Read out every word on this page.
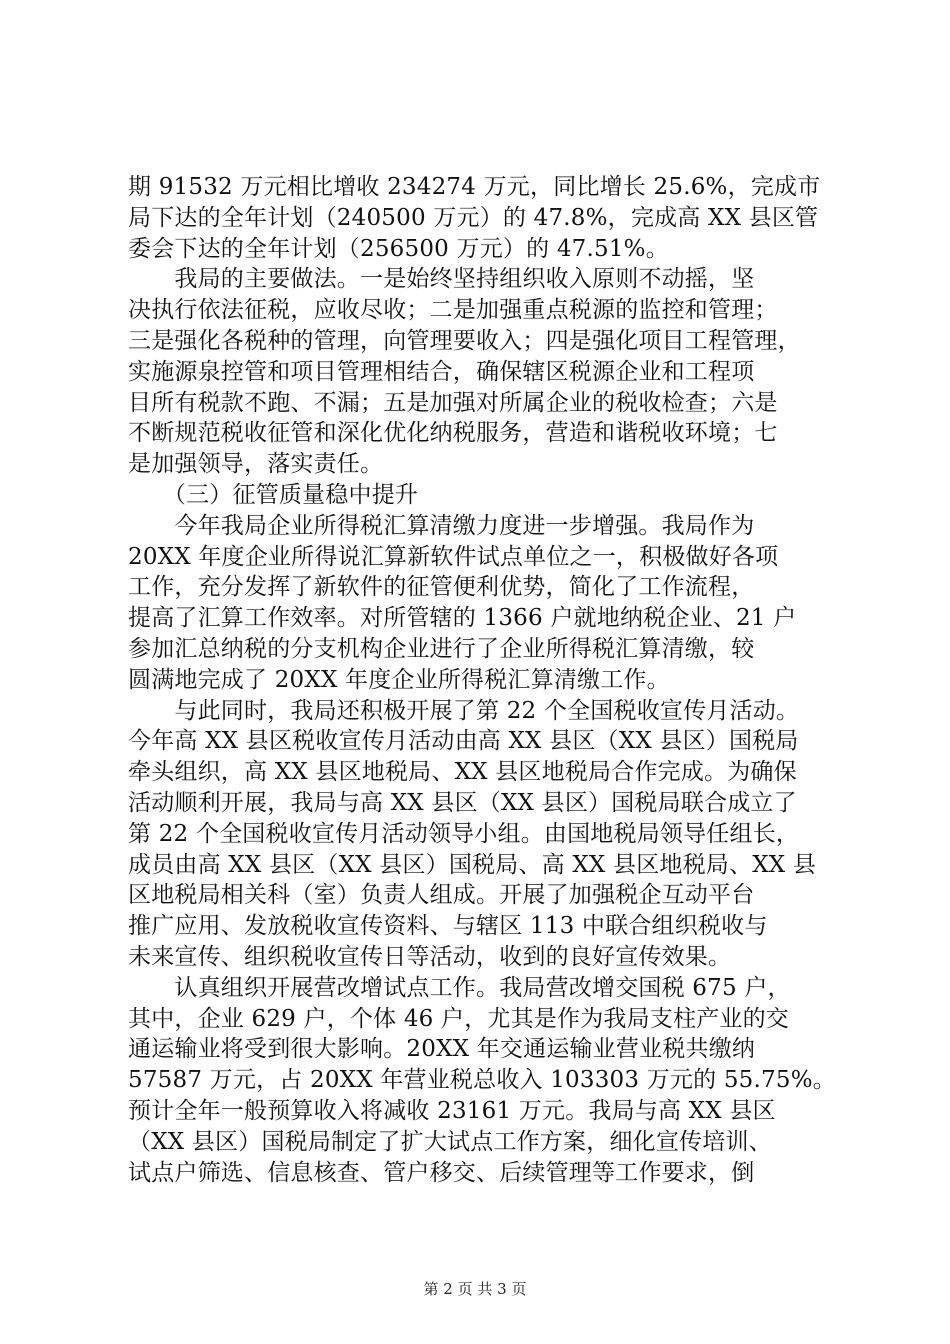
期 91532 万元相比增收 234274 万元，同比增长 25.6%，完成市
局下达的全年计划（240500 万元）的 47.8%，完成高 XX 县区管
委会下达的全年计划（256500 万元）的 47.51%。
　　我局的主要做法。一是始终坚持组织收入原则不动摇，坚
决执行依法征税，应收尽收；二是加强重点税源的监控和管理；
三是强化各税种的管理，向管理要收入；四是强化项目工程管理，
实施源泉控管和项目管理相结合，确保辖区税源企业和工程项
目所有税款不跑、不漏；五是加强对所属企业的税收检查；六是
不断规范税收征管和深化优化纳税服务，营造和谐税收环境；七
是加强领导，落实责任。
　　（三）征管质量稳中提升
　　今年我局企业所得税汇算清缴力度进一步增强。我局作为
20XX 年度企业所得说汇算新软件试点单位之一，积极做好各项
工作，充分发挥了新软件的征管便利优势，简化了工作流程，
提高了汇算工作效率。对所管辖的 1366 户就地纳税企业、21 户
参加汇总纳税的分支机构企业进行了企业所得税汇算清缴，较
圆满地完成了 20XX 年度企业所得税汇算清缴工作。
　　与此同时，我局还积极开展了第 22 个全国税收宣传月活动。
今年高 XX 县区税收宣传月活动由高 XX 县区（XX 县区）国税局
牵头组织，高 XX 县区地税局、XX 县区地税局合作完成。为确保
活动顺利开展，我局与高 XX 县区（XX 县区）国税局联合成立了
第 22 个全国税收宣传月活动领导小组。由国地税局领导任组长，
成员由高 XX 县区（XX 县区）国税局、高 XX 县区地税局、XX 县
区地税局相关科（室）负责人组成。开展了加强税企互动平台
推广应用、发放税收宣传资料、与辖区 113 中联合组织税收与
未来宣传、组织税收宣传日等活动，收到的良好宣传效果。
　　认真组织开展营改增试点工作。我局营改增交国税 675 户，
其中，企业 629 户，个体 46 户，尤其是作为我局支柱产业的交
通运输业将受到很大影响。20XX 年交通运输业营业税共缴纳
57587 万元，占 20XX 年营业税总收入 103303 万元的 55.75%。
预计全年一般预算收入将减收 23161 万元。我局与高 XX 县区
（XX 县区）国税局制定了扩大试点工作方案，细化宣传培训、
试点户筛选、信息核查、管户移交、后续管理等工作要求，倒
第 2 页 共 3 页
